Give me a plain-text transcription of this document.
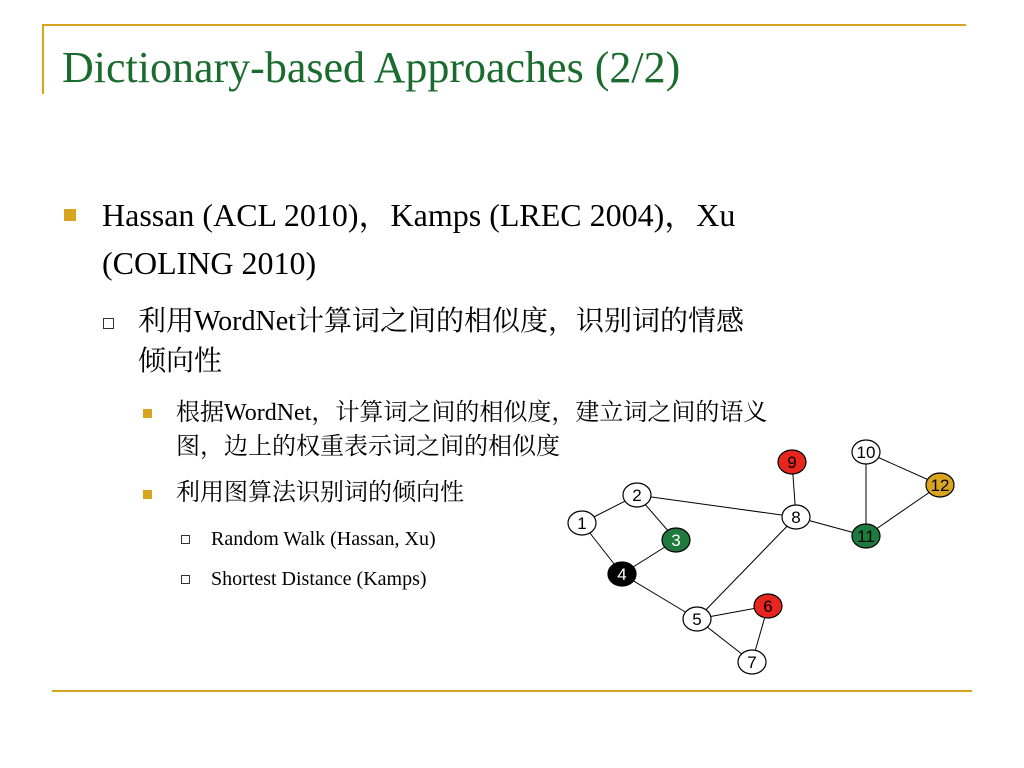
Dictionary-based Approaches (2/2)
Hassan (ACL 2010)，Kamps (LREC 2004)，Xu
(COLING 2010)
利用WordNet计算词之间的相似度，识别词的情感
倾向性
根据WordNet，计算词之间的相似度，建立词之间的语义
图，边上的权重表示词之间的相似度
利用图算法识别词的倾向性
Random Walk (Hassan, Xu)
Shortest Distance (Kamps)
1
2
3
4
5
6
7
8
9
10
11
12
